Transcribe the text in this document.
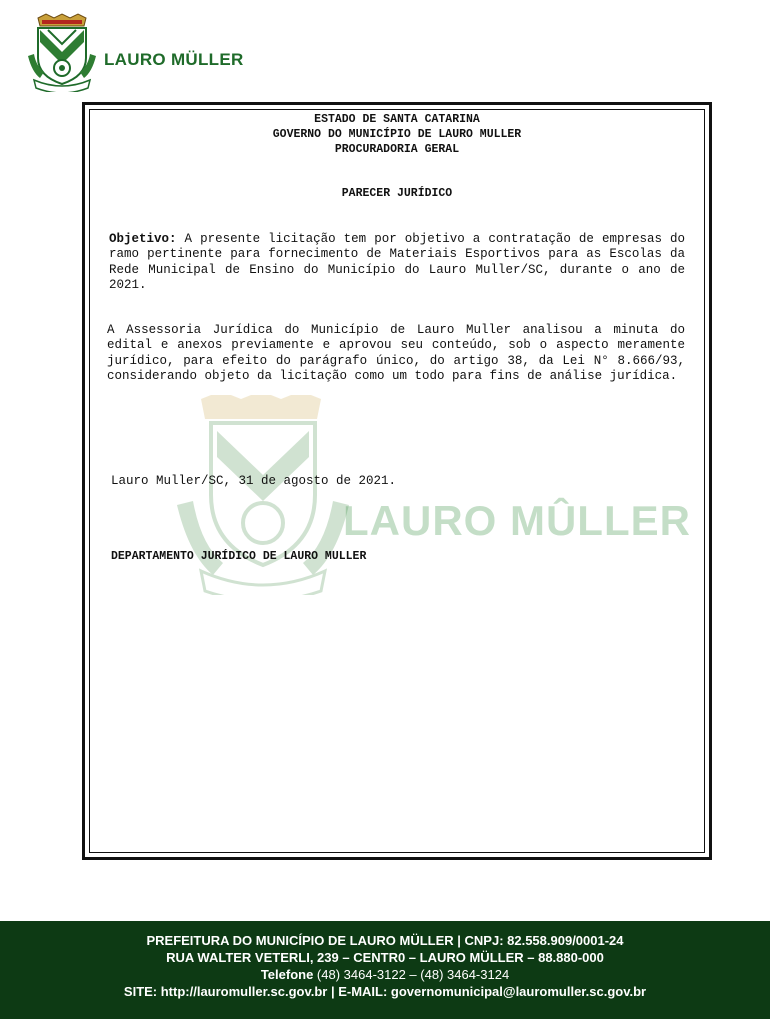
LAURO MÜLLER
LAURO MÛLLER
ESTADO DE SANTA CATARINA
GOVERNO DO MUNICÍPIO DE LAURO MULLER
PROCURADORIA GERAL
PARECER JURÍDICO
Objetivo: A presente licitação tem por objetivo a contratação de empresas do ramo pertinente para fornecimento de Materiais Esportivos para as Escolas da Rede Municipal de Ensino do Município do Lauro Muller/SC, durante o ano de 2021.
A Assessoria Jurídica do Município de Lauro Muller analisou a minuta do edital e anexos previamente e aprovou seu conteúdo, sob o aspecto meramente jurídico, para efeito do parágrafo único, do artigo 38, da Lei N° 8.666/93, considerando objeto da licitação como um todo para fins de análise jurídica.
Lauro Muller/SC, 31 de agosto de 2021.
DEPARTAMENTO JURÍDICO DE LAURO MULLER
PREFEITURA DO MUNICÍPIO DE LAURO MÜLLER | CNPJ: 82.558.909/0001-24
RUA WALTER VETERLI, 239 – CENTR0 – LAURO MÜLLER – 88.880-000
Telefone (48) 3464-3122 – (48) 3464-3124
SITE: http://lauromuller.sc.gov.br | E-MAIL: governomunicipal@lauromuller.sc.gov.br
